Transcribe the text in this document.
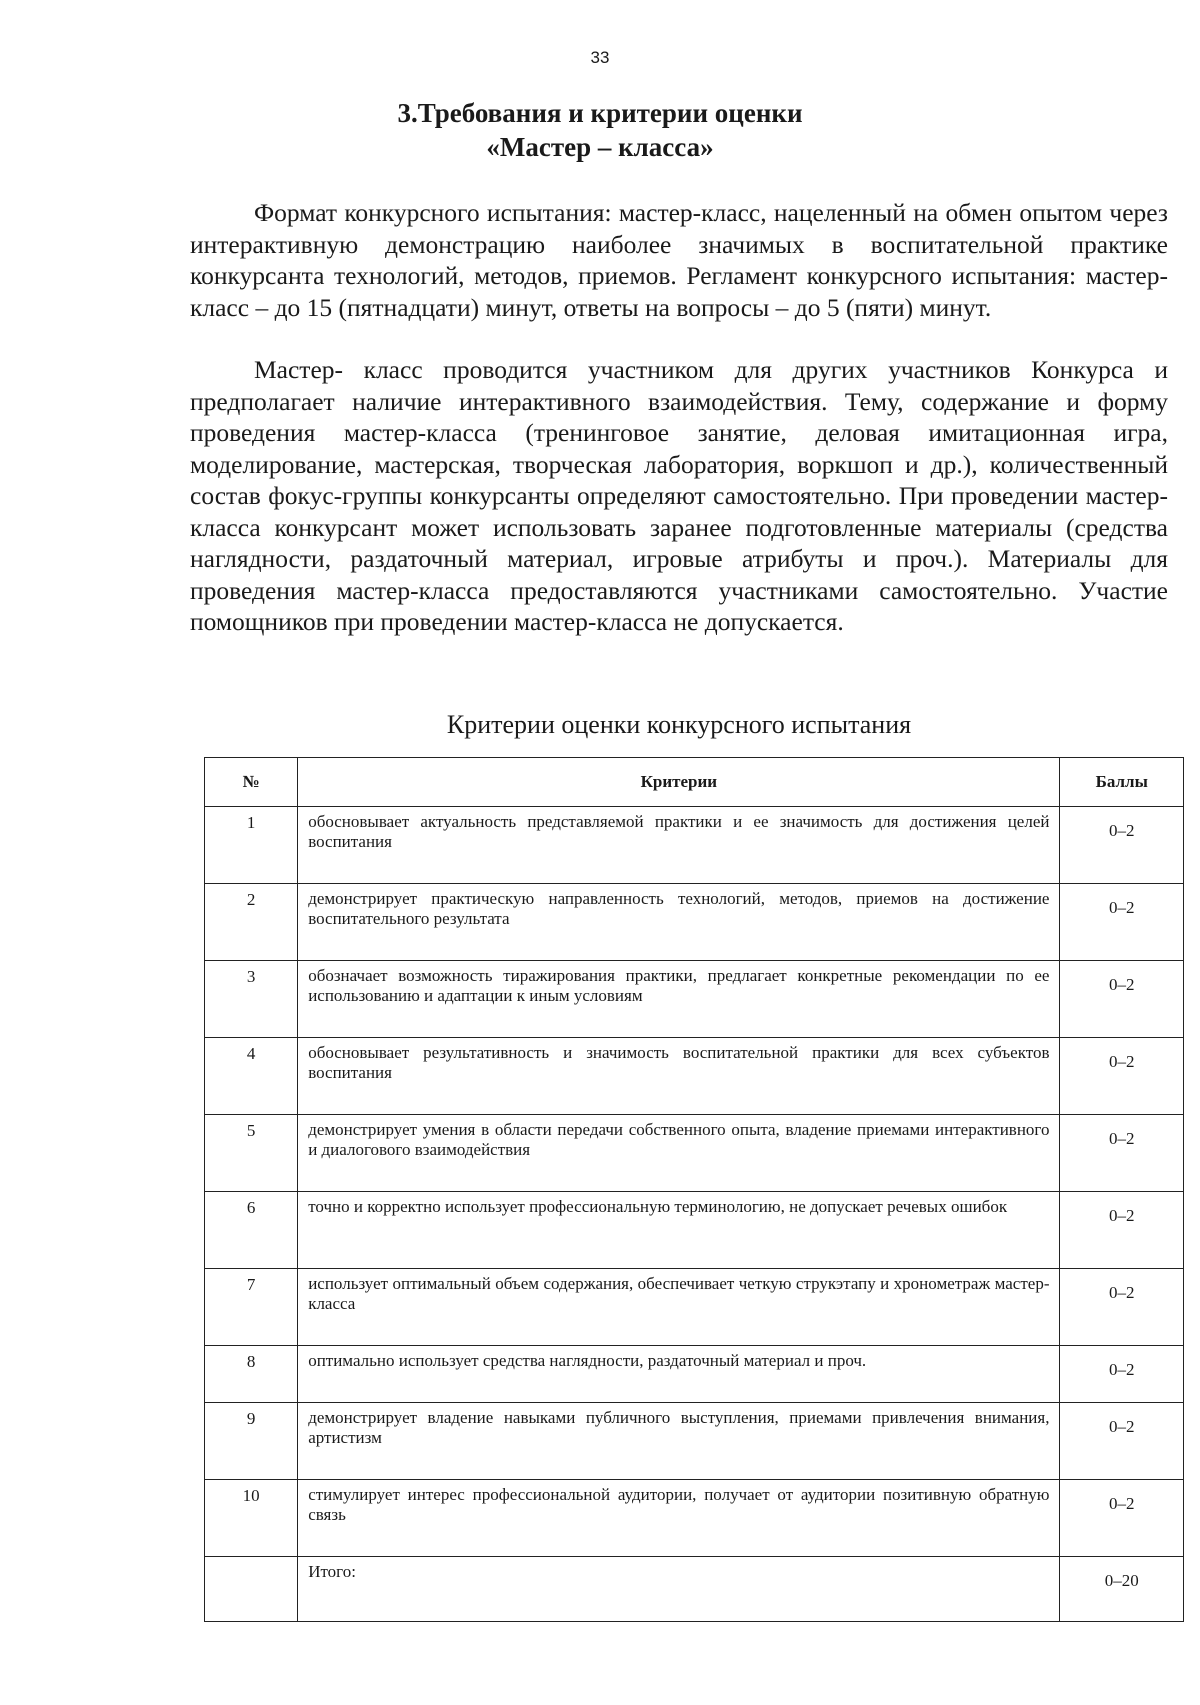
33
3.Требования и критерии оценки
«Мастер – класса»

Формат конкурсного испытания: мастер-класс, нацеленный на обмен опытом через интерактивную демонстрацию наиболее значимых в воспитательной практике конкурсанта технологий, методов, приемов. Регламент конкурсного испытания: мастер-класс – до 15 (пятнадцати) минут, ответы на вопросы – до 5 (пяти) минут.

Мастер- класс проводится участником для других участников Конкурса и предполагает наличие интерактивного взаимодействия. Тему, содержание и форму проведения мастер-класса (тренинговое занятие, деловая имитационная игра, моделирование, мастерская, творческая лаборатория, воркшоп и др.), количественный состав фокус-группы конкурсанты определяют самостоятельно. При проведении мастер-класса конкурсант может использовать заранее подготовленные материалы (средства наглядности, раздаточный материал, игровые атрибуты и проч.). Материалы для проведения мастер-класса предоставляются участниками самостоятельно. Участие помощников при проведении мастер-класса не допускается.

Критерии оценки конкурсного испытания
№	Критерии	Баллы
1	обосновывает актуальность представляемой практики и ее значимость для достижения целей воспитания	0–2
2	демонстрирует практическую направленность технологий, методов, приемов на достижение воспитательного результата	0–2
3	обозначает возможность тиражирования практики, предлагает конкретные рекомендации по ее использованию и адаптации к иным условиям	0–2
4	обосновывает результативность и значимость воспитательной практики для всех субъектов воспитания	0–2
5	демонстрирует умения в области передачи собственного опыта, владение приемами интерактивного и диалогового взаимодействия	0–2
6	точно и корректно использует профессиональную терминологию, не допускает речевых ошибок	0–2
7	использует оптимальный объем содержания, обеспечивает четкую струкэтапу и хронометраж мастер-класса	0–2
8	оптимально использует средства наглядности, раздаточный материал и проч.	0–2
9	демонстрирует владение навыками публичного выступления, приемами привлечения внимания, артистизм	0–2
10	стимулирует интерес профессиональной аудитории, получает от аудитории позитивную обратную связь	0–2
	Итого:	0–20
